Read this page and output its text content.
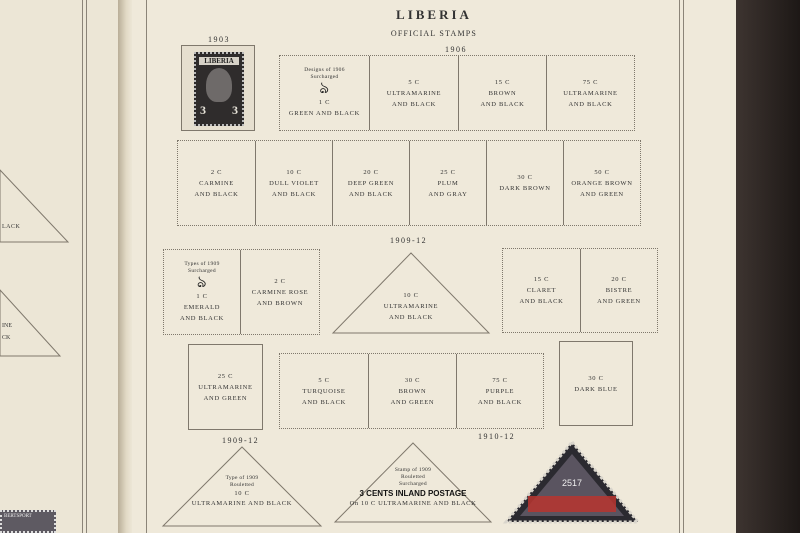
LACK
INE
CK
BERTSPORT
LIBERIA
OFFICIAL STAMPS
1903
1906
LIBERIA
3 3
Designs of 1906
Surcharged
ঌ
1 C
GREEN AND BLACK
5 C
ULTRAMARINE
AND BLACK
15 C
BROWN
AND BLACK
75 C
ULTRAMARINE
AND BLACK
2 C
CARMINE
AND BLACK
10 C
DULL VIOLET
AND BLACK
20 C
DEEP GREEN
AND BLACK
25 C
PLUM
AND GRAY
30 C
DARK BROWN
50 C
ORANGE BROWN
AND GREEN
1909-12
Types of 1909
Surcharged
ঌ
1 C
EMERALD
AND BLACK
2 C
CARMINE ROSE
AND BROWN
10 C
ULTRAMARINE
AND BLACK
15 C
CLARET
AND BLACK
20 C
BISTRE
AND GREEN
25 C
ULTRAMARINE
AND GREEN
5 C
TURQUOISE
AND BLACK
30 C
BROWN
AND GREEN
75 C
PURPLE
AND BLACK
30 C
DARK BLUE
1909-12	1910-12
Type of 1909
Rouletted
10 C
ULTRAMARINE AND BLACK
Stamp of 1909
Rouletted
Surcharged
3 CENTS INLAND POSTAGE
On 10 C ULTRAMARINE AND BLACK
2517
